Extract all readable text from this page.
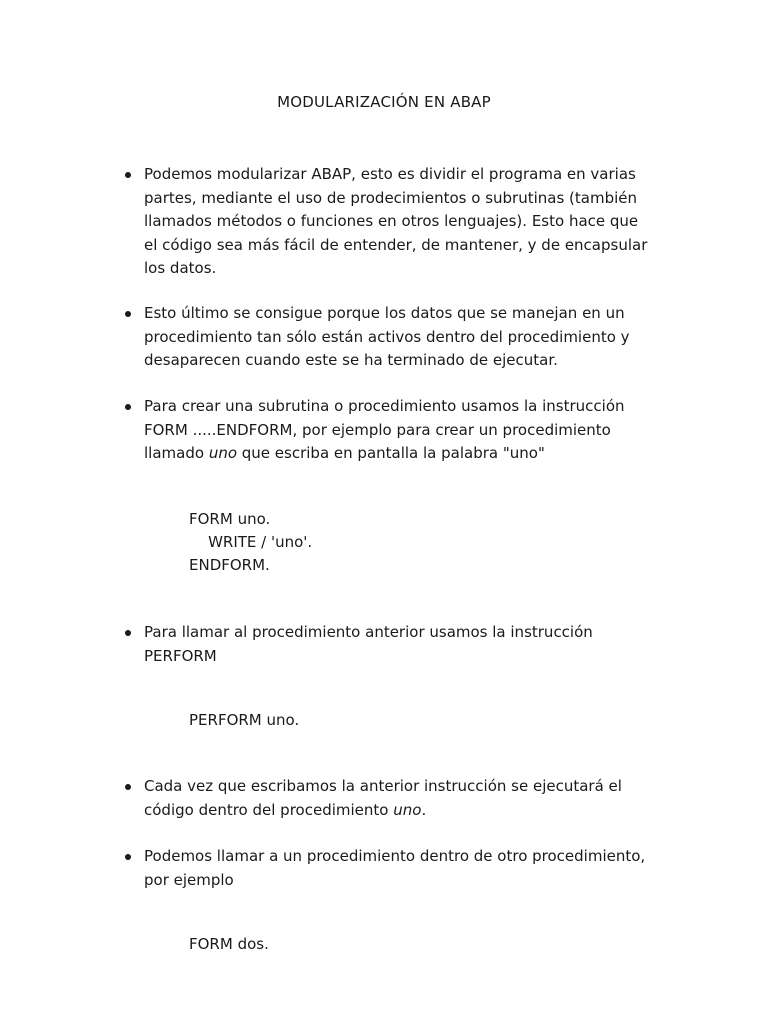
MODULARIZACIÓN EN ABAP
Podemos modularizar ABAP, esto es dividir el programa en varias partes, mediante el uso de prodecimientos o subrutinas (también llamados métodos o funciones en otros lenguajes). Esto hace que el código sea más fácil de entender, de mantener, y de encapsular los datos.
Esto último se consigue porque los datos que se manejan en un procedimiento tan sólo están activos dentro del procedimiento y desaparecen cuando este se ha terminado de ejecutar.
Para crear una subrutina o procedimiento usamos la instrucción FORM .....ENDFORM, por ejemplo para crear un procedimiento llamado uno que escriba en pantalla la palabra "uno"
FORM uno.
WRITE / 'uno'.
ENDFORM.
Para llamar al procedimiento anterior usamos la instrucción PERFORM
PERFORM uno.
Cada vez que escribamos la anterior instrucción se ejecutará el código dentro del procedimiento uno.
Podemos llamar a un procedimiento dentro de otro procedimiento, por ejemplo
FORM dos.
